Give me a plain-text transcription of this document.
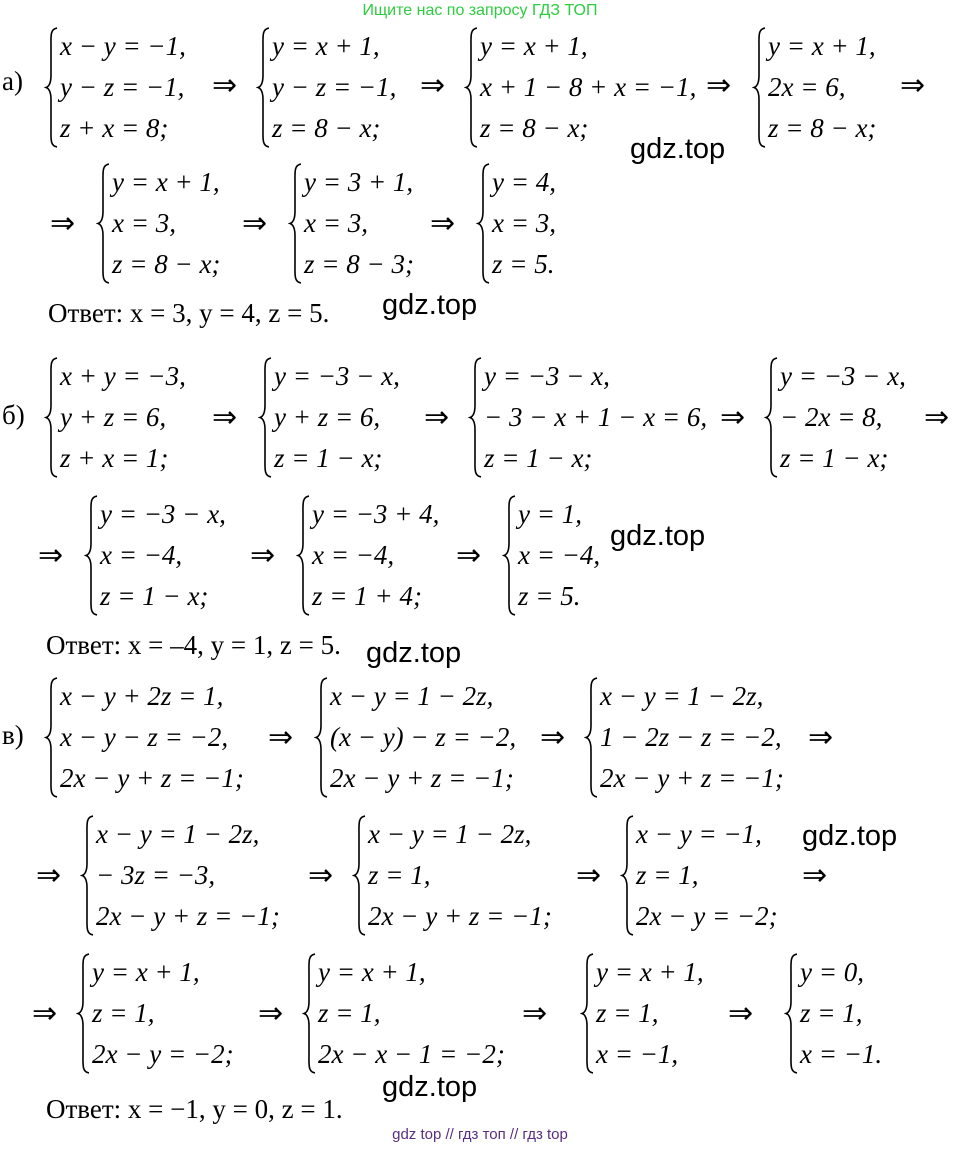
Ищите нас по запросу ГДЗ ТОП
gdz top // гдз топ // гдз top
gdz.top
gdz.top
gdz.top
gdz.top
gdz.top
gdz.top
а)
x − y = −1,
y − z = −1,
z + x = 8;
⇒
y = x + 1,
y − z = −1,
z = 8 − x;
⇒
y = x + 1,
x + 1 − 8 + x = −1,
z = 8 − x;
⇒
y = x + 1,
2x = 6,
z = 8 − x;
⇒
⇒
y = x + 1,
x = 3,
z = 8 − x;
⇒
y = 3 + 1,
x = 3,
z = 8 − 3;
⇒
y = 4,
x = 3,
z = 5.
Ответ: x = 3, y = 4, z = 5.
б)
x + y = −3,
y + z = 6,
z + x = 1;
⇒
y = −3 − x,
y + z = 6,
z = 1 − x;
⇒
y = −3 − x,
− 3 − x + 1 − x = 6,
z = 1 − x;
⇒
y = −3 − x,
− 2x = 8,
z = 1 − x;
⇒
⇒
y = −3 − x,
x = −4,
z = 1 − x;
⇒
y = −3 + 4,
x = −4,
z = 1 + 4;
⇒
y = 1,
x = −4,
z = 5.
Ответ: x = –4, y = 1, z = 5.
в)
x − y + 2z = 1,
x − y − z = −2,
2x − y + z = −1;
⇒
x − y = 1 − 2z,
(x − y) − z = −2,
2x − y + z = −1;
⇒
x − y = 1 − 2z,
1 − 2z − z = −2,
2x − y + z = −1;
⇒
⇒
x − y = 1 − 2z,
− 3z = −3,
2x − y + z = −1;
⇒
x − y = 1 − 2z,
z = 1,
2x − y + z = −1;
⇒
x − y = −1,
z = 1,
2x − y = −2;
⇒
⇒
y = x + 1,
z = 1,
2x − y = −2;
⇒
y = x + 1,
z = 1,
2x − x − 1 = −2;
⇒
y = x + 1,
z = 1,
x = −1,
⇒
y = 0,
z = 1,
x = −1.
Ответ: x = −1, y = 0, z = 1.
